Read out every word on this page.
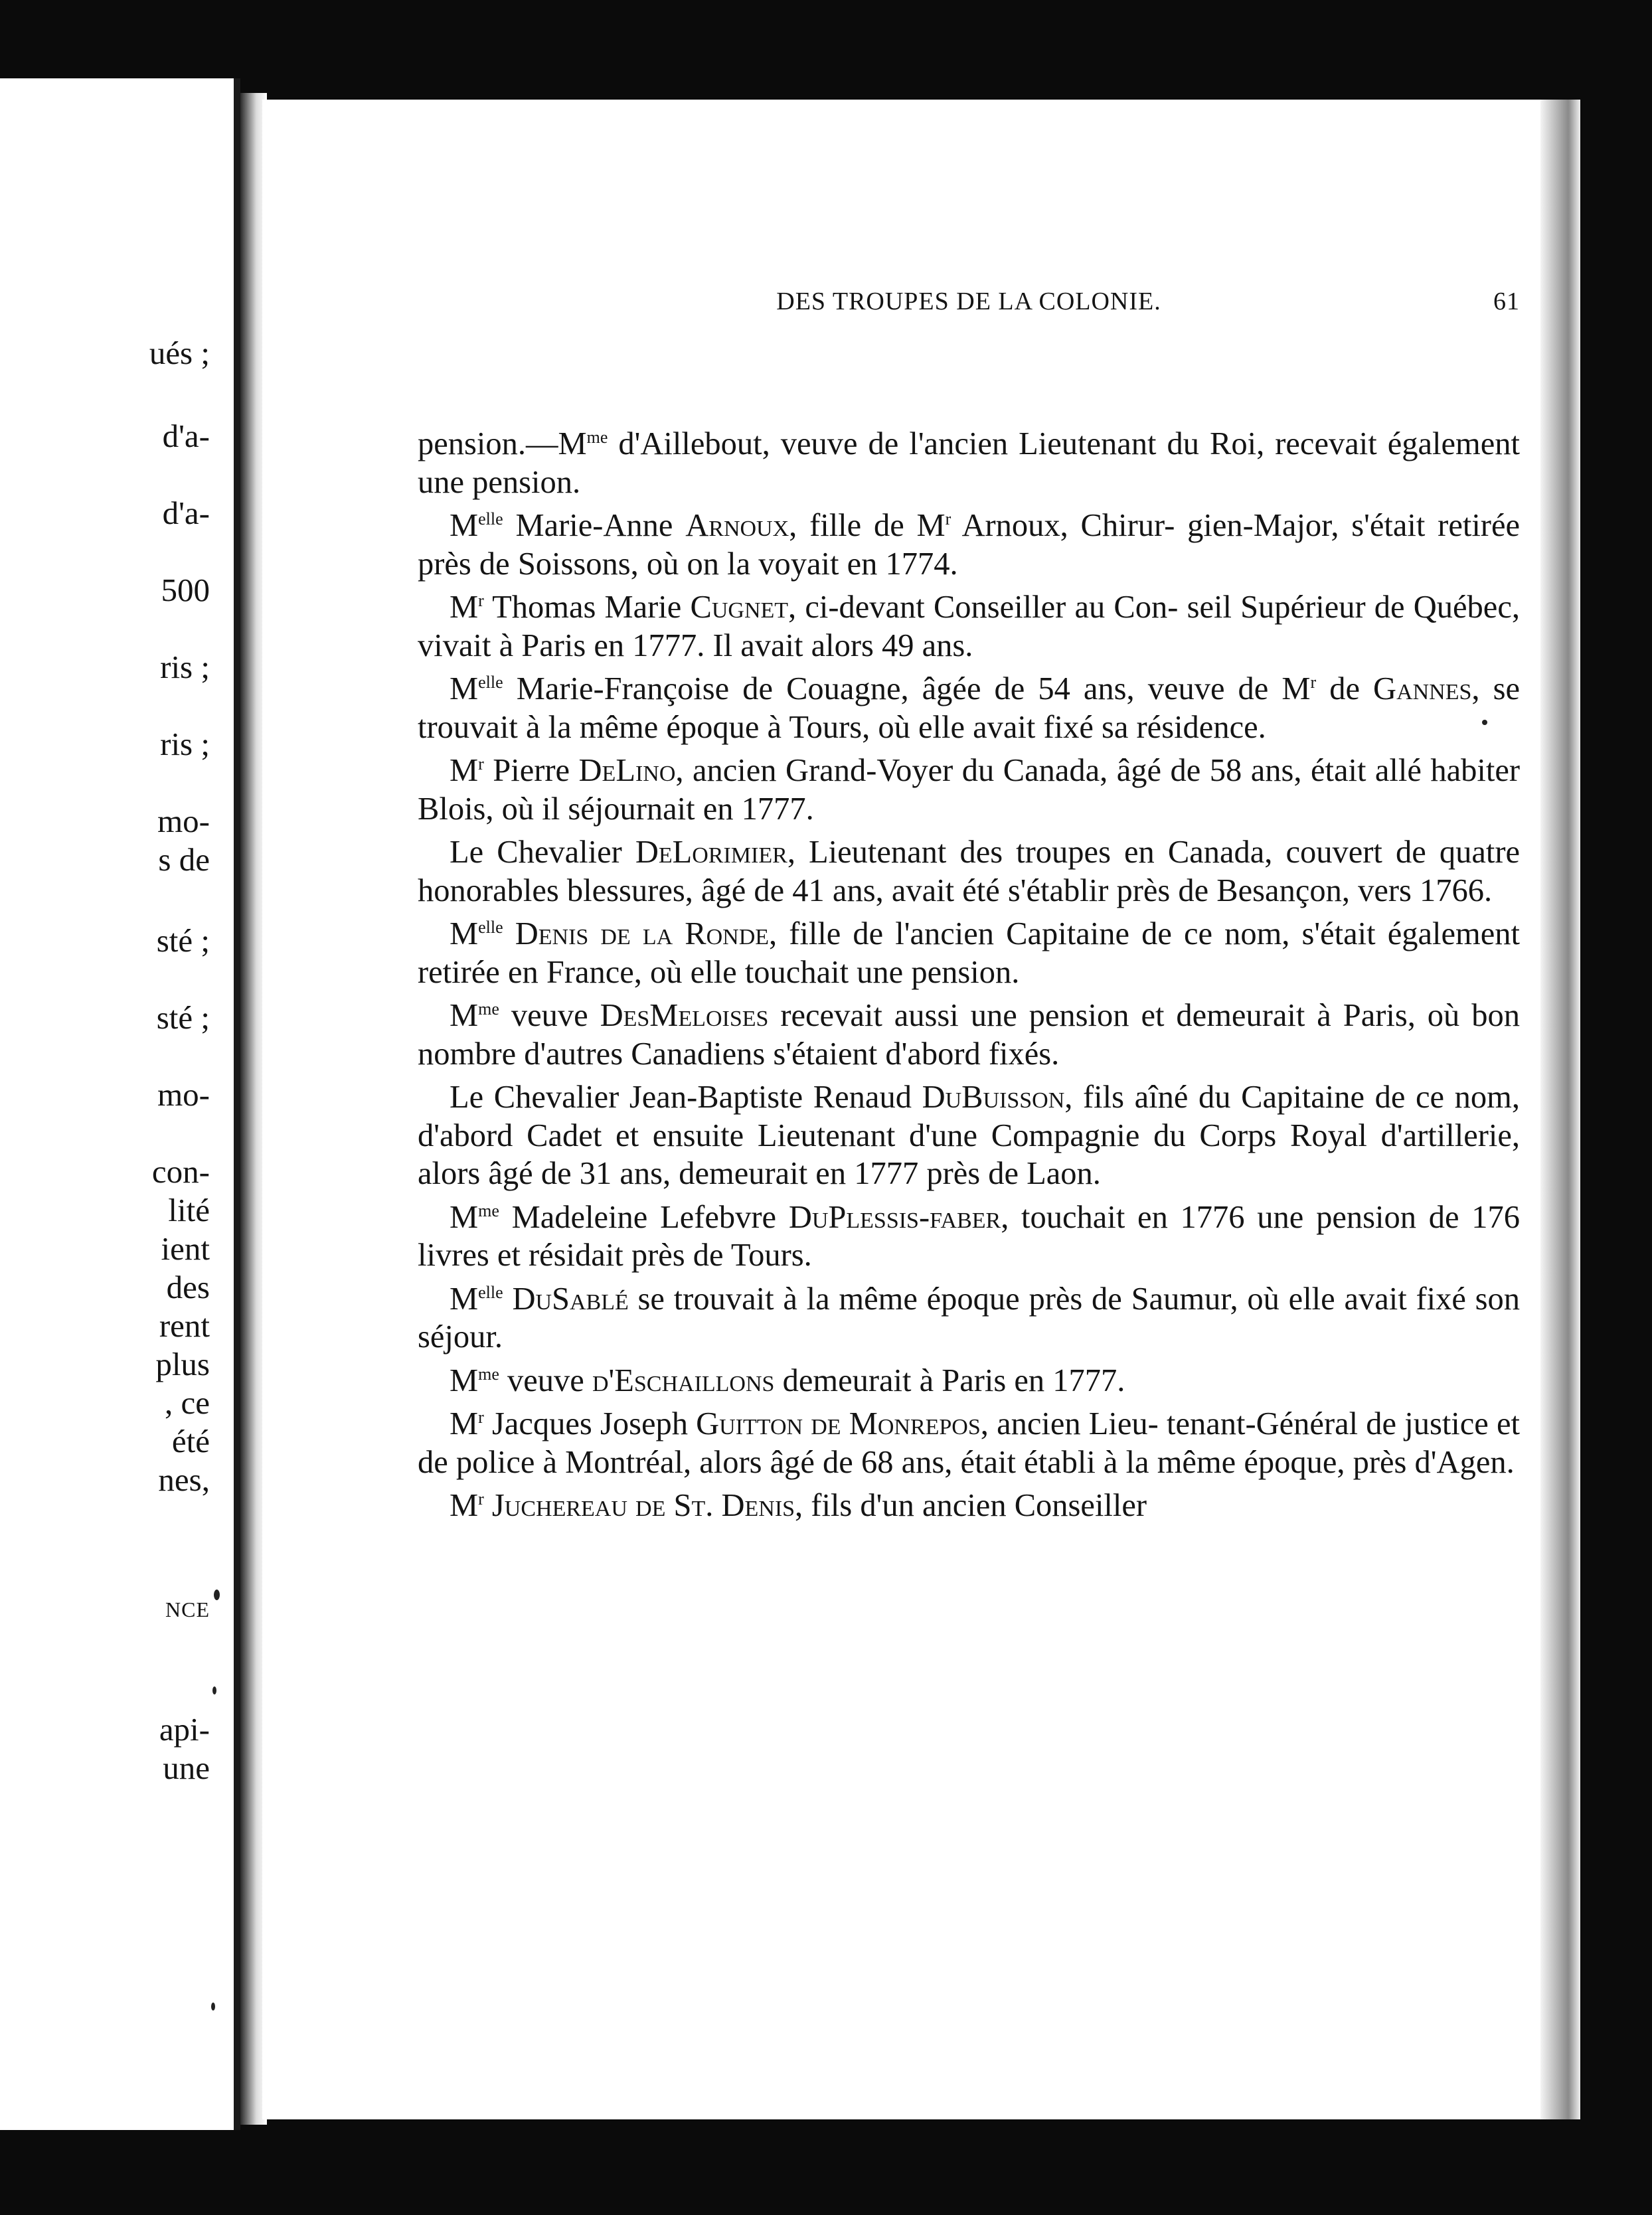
ués ;
d'a-
d'a-
500
ris ;
ris ;
mo-
s de
sté ;
sté ;
mo-
con-
lité
ient
des
rent
plus
, ce
été
nes,
NCE
api-
une
DES TROUPES DE LA COLONIE.	61

$pension.—M^{me}$ d'Aillebout, veuve de l'ancien Lieutenant du Roi, recevait également une pension.

$M^{elle}$ Marie-Anne Arnoux, fille de $M^r$ Arnoux, Chirur- gien-Major, s'était retirée près de Soissons, où on la voyait en 1774.

$M^r$ Thomas Marie Cugnet, ci-devant Conseiller au Con- seil Supérieur de Québec, vivait à Paris en 1777. Il avait alors 49 ans.

$M^{elle}$ Marie-Françoise de Couagne, âgée de 54 ans, veuve de $M^r$ de Gannes, se trouvait à la même époque à Tours, où elle avait fixé sa résidence.

$M^r$ Pierre DeLino, ancien Grand-Voyer du Canada, âgé de 58 ans, était allé habiter Blois, où il séjournait en 1777.

Le Chevalier DeLorimier, Lieutenant des troupes en Canada, couvert de quatre honorables blessures, âgé de 41 ans, avait été s'établir près de Besançon, vers 1766.

$M^{elle}$ Denis de la Ronde, fille de l'ancien Capitaine de ce nom, s'était également retirée en France, où elle touchait une pension.

$M^{me}$ veuve DesMeloises recevait aussi une pension et demeurait à Paris, où bon nombre d'autres Canadiens s'étaient d'abord fixés.

Le Chevalier Jean-Baptiste Renaud DuBuisson, fils aîné du Capitaine de ce nom, d'abord Cadet et ensuite Lieutenant d'une Compagnie du Corps Royal d'artillerie, alors âgé de 31 ans, demeurait en 1777 près de Laon.

$M^{me}$ Madeleine Lefebvre DuPlessis-faber, touchait en 1776 une pension de 176 livres et résidait près de Tours.

$M^{elle}$ DuSablé se trouvait à la même époque près de Saumur, où elle avait fixé son séjour.

$M^{me}$ veuve d'Eschaillons demeurait à Paris en 1777.

$M^r$ Jacques Joseph Guitton de Monrepos, ancien Lieu- tenant-Général de justice et de police à Montréal, alors âgé de 68 ans, était établi à la même époque, près d'Agen.

$M^r$ Juchereau de St. Denis, fils d'un ancien Conseiller
